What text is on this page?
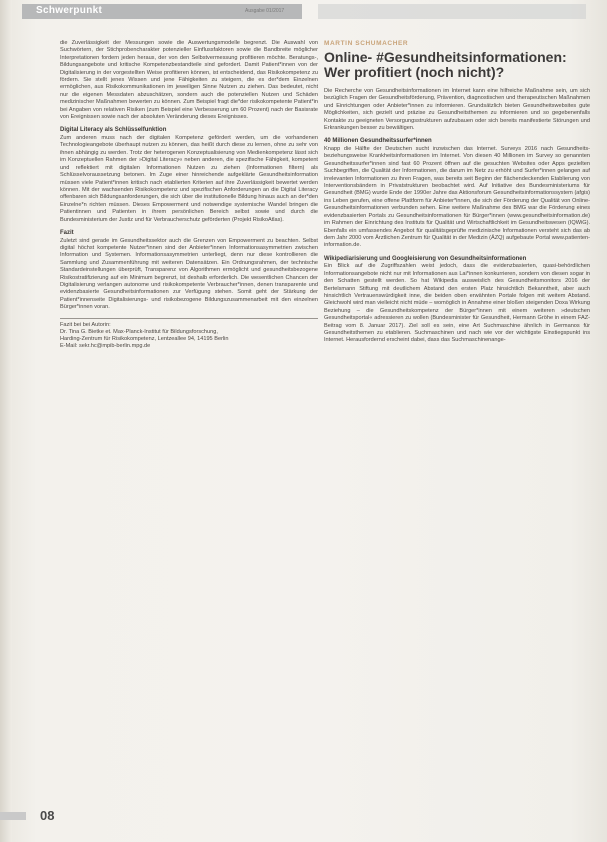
Schwerpunkt	Ausgabe 01/2017

die Zuverlässigkeit der Messungen sowie die Auswertungsmodelle begrenzt. Die Auswahl von Suchwörtern, der Stichprobencharakter potenzieller Einflussfaktoren sowie die Bandbreite möglicher Interpretationen fordern jeden heraus, der von den Selbstvermessung profitieren möchte. Beratungs-, Bildungsangebote und kritische Kompetenzbestandteile sind gefordert. Damit Patient*innen von der Digitalisierung in der vorgestellten Weise profitieren können, ist entscheidend, das Risikokompetenz zu fördern. Sie stellt jenes Wissen und jene Fähigkeiten zu steigern, die es der*dem Einzelnen ermöglichen, aus Risikokommunikationen im jeweiligen Sinne Nutzen zu ziehen. Das bedeutet, nicht nur die eigenen Messdaten abzuschätzen, sondern auch die potenziellen Nutzen und Schäden medizinischer Maßnahmen bewerten zu können. Zum Beispiel fragt die*der risikokompetente Patient*in bei Angaben von relativen Risiken (zum Beispiel eine Verbesserung um 60 Prozent) nach der Basisrate von Ereignissen sowie nach der absoluten Veränderung dieses Ereignisses.

Digital Literacy als Schlüsselfunktion

Zum anderen muss nach der digitalen Kompetenz gefördert werden, um die vorhandenen Technologieangebote überhaupt nutzen zu können, das heißt durch diese zu lernen, ohne zu sehr von ihnen abhängig zu werden. Trotz der heterogenen Konzeptualisierung von Medienkompetenz lässt sich im Konzeptuellen Rahmen der »Digital Literacy« neben anderen, die spezifische Fähigkeit, kompetent und reflektiert mit digitalen Informationen Nutzen zu ziehen (Informationen filtern) als Schlüsselvoraussetzung betonen. Im Zuge einer hinreichende aufgeklärte Gesundheitsinformation müssen viele Patient*innen kritisch nach etablierten Kriterien auf ihre Zuverlässigkeit bewertet werden können. Mit der wachsenden Risikokompetenz und spezifischen Anforderungen an die Digital Literacy offenbaren sich Bildungsanforderungen, die sich über die institutionelle Bildung hinaus auch an der*den Einzelne*n richten müssen. Dieses Empowerment und notwendige systemische Wandel bringen die Patientinnen und Patienten in ihrem persönlichen Bereich selbst sowie und durch die Bundesministerium der Justiz und für Verbraucherschutz geförderten (Projekt RisikoAtlas).

Fazit

Zuletzt sind gerade im Gesundheitssektor auch die Grenzen von Empowerment zu beachten. Selbst digital höchst kompetente Nutzer*innen sind der Anbieter*innen Informationsasymmetrien zwischen Information und Systemen. Informationsasymmetrien unterliegt, denn nur diese kontrollieren die Sammlung und Zusammenführung mit weiteren Datensätzen. Ein Ordnungsrahmen, der technische Standardeinstellungen überprüft, Transparenz von Algorithmen ermöglicht und gesundheitsbezogene Risikostratifizierung auf ein Minimum begrenzt, ist deshalb erforderlich. Die wesentlichen Chancen der Digitalisierung verlangen autonome und risikokompetente Verbraucher*innen, denen transparente und evidenzbasierte Gesundheitsinformationen zur Verfügung stehen. Somit geht der Stärkung der Patient*innenseite Digitalisierungs- und risikobezogene Bildungszusammenarbeit mit den einzelnen Bürger*innen voran.

Fazit bei bei Autorin:

Dr. Tina G. Bietke et. Max-Planck-Institut für Bildungsforschung,

Harding-Zentrum für Risikokompetenz, Lentzeallee 94, 14195 Berlin

E-Mail: sekr.hc@mpib-berlin.mpg.de

MARTIN SCHUMACHER

Online- #Gesundheitsinformationen: Wer profitiert (noch nicht)?

Die Recherche von Gesundheitsinformationen im Internet kann eine hilfreiche Maßnahme sein, um sich bezüglich Fragen der Gesundheitsförderung, Prävention, diagnostischen und therapeutischen Maßnahmen und Einrichtungen oder Anbieter*innen zu informieren. Grundsätzlich bieten Gesundheitswebsites gute Möglichkeiten, sich gezielt und präzise zu Gesundheitsthemen zu informieren und so gegebenenfalls Kontakte zu geeigneten Versorgungsstrukturen aufzubauen oder sich bereits manifestierte Störungen und Erkrankungen besser zu bewältigen.

40 Millionen Gesundheitssurfer*innen

Knapp die Hälfte der Deutschen sucht inzwischen das Internet. Surveys 2016 nach Gesundheits- beziehungsweise Krankheitsinformationen im Internet. Von diesen 40 Millionen im Survey so genannten Gesundheitssurfer*innen sind fast 60 Prozent öffnen auf die gesuchten Websites oder Apps gezielten Suchbegriffen, die Qualität der Informationen, die darum im Netz zu erhöht und Surfer*innen gelangen auf irrelevanten Informationen zu ihren Fragen, was bereits seit Beginn der flächendeckenden Etablierung von Interventionsbändern in Privatstrukturen beobachtet wird. Auf Initiative des Bundesministeriums für Gesundheit (BMG) wurde Ende der 1990er Jahre das Aktionsforum Gesundheitsinformationssystem (afgis) ins Leben gerufen, eine offene Plattform für Anbieter*innen, die sich der Förderung der Qualität von Online-Gesundheitsinformationen verbunden sehen. Eine weitere Maßnahme des BMG war die Förderung eines evidenzbasierten Portals zu Gesundheitsinformationen für Bürger*innen (www.gesundheitsinformation.de) im Rahmen der Einrichtung des Instituts für Qualität und Wirtschaftlichkeit im Gesundheitswesen (IQWiG). Ebenfalls ein umfassendes Angebot für qualitätsgeprüfte medizinische Informationen versteht sich das ab dem Jahr 2000 vom Ärztlichen Zentrum für Qualität in der Medizin (ÄZQ) aufgebaute Portal www.patienten-information.de.

Wikipediarisierung und Googleisierung von Gesundheitsinformationen

Ein Blick auf die Zugriffszahlen weist jedoch, dass die evidenzbasierten, quasi-behördlichen Informationsangebote nicht nur mit Informationen aus Lai*innen konkurrieren, sondern von diesen sogar in den Schatten gestellt werden. So hat Wikipedia ausweislich des Gesundheitsmonitors 2016 der Bertelsmann Stiftung mit deutlichem Abstand den ersten Platz hinsichtlich Bekanntheit, aber auch hinsichtlich Vertrauenswürdigkeit inne, die beiden oben erwähnten Portale folgen mit weitem Abstand. Gleichwohl wird man vielleicht nicht müde – womöglich in Annahme einer bloßen steigenden Doxa Wirkung Beziehung – die Gesundheitskompetenz der Bürger*innen mit einem weiteren »deutschen Gesundheitsportal« adressieren zu wollen (Bundesminister für Gesundheit, Hermann Gröhe in einem FAZ-Beitrag vom 8. Januar 2017). Ziel soll es sein, eine Art Suchmaschine ähnlich in Germanos für Gesundheitsthemen zu etablieren. Suchmaschinen und nach wie vor der wichtigste Einstiegspunkt ins Internet. Herausfordernd erscheint dabei, dass das Suchmaschinenange-

08
